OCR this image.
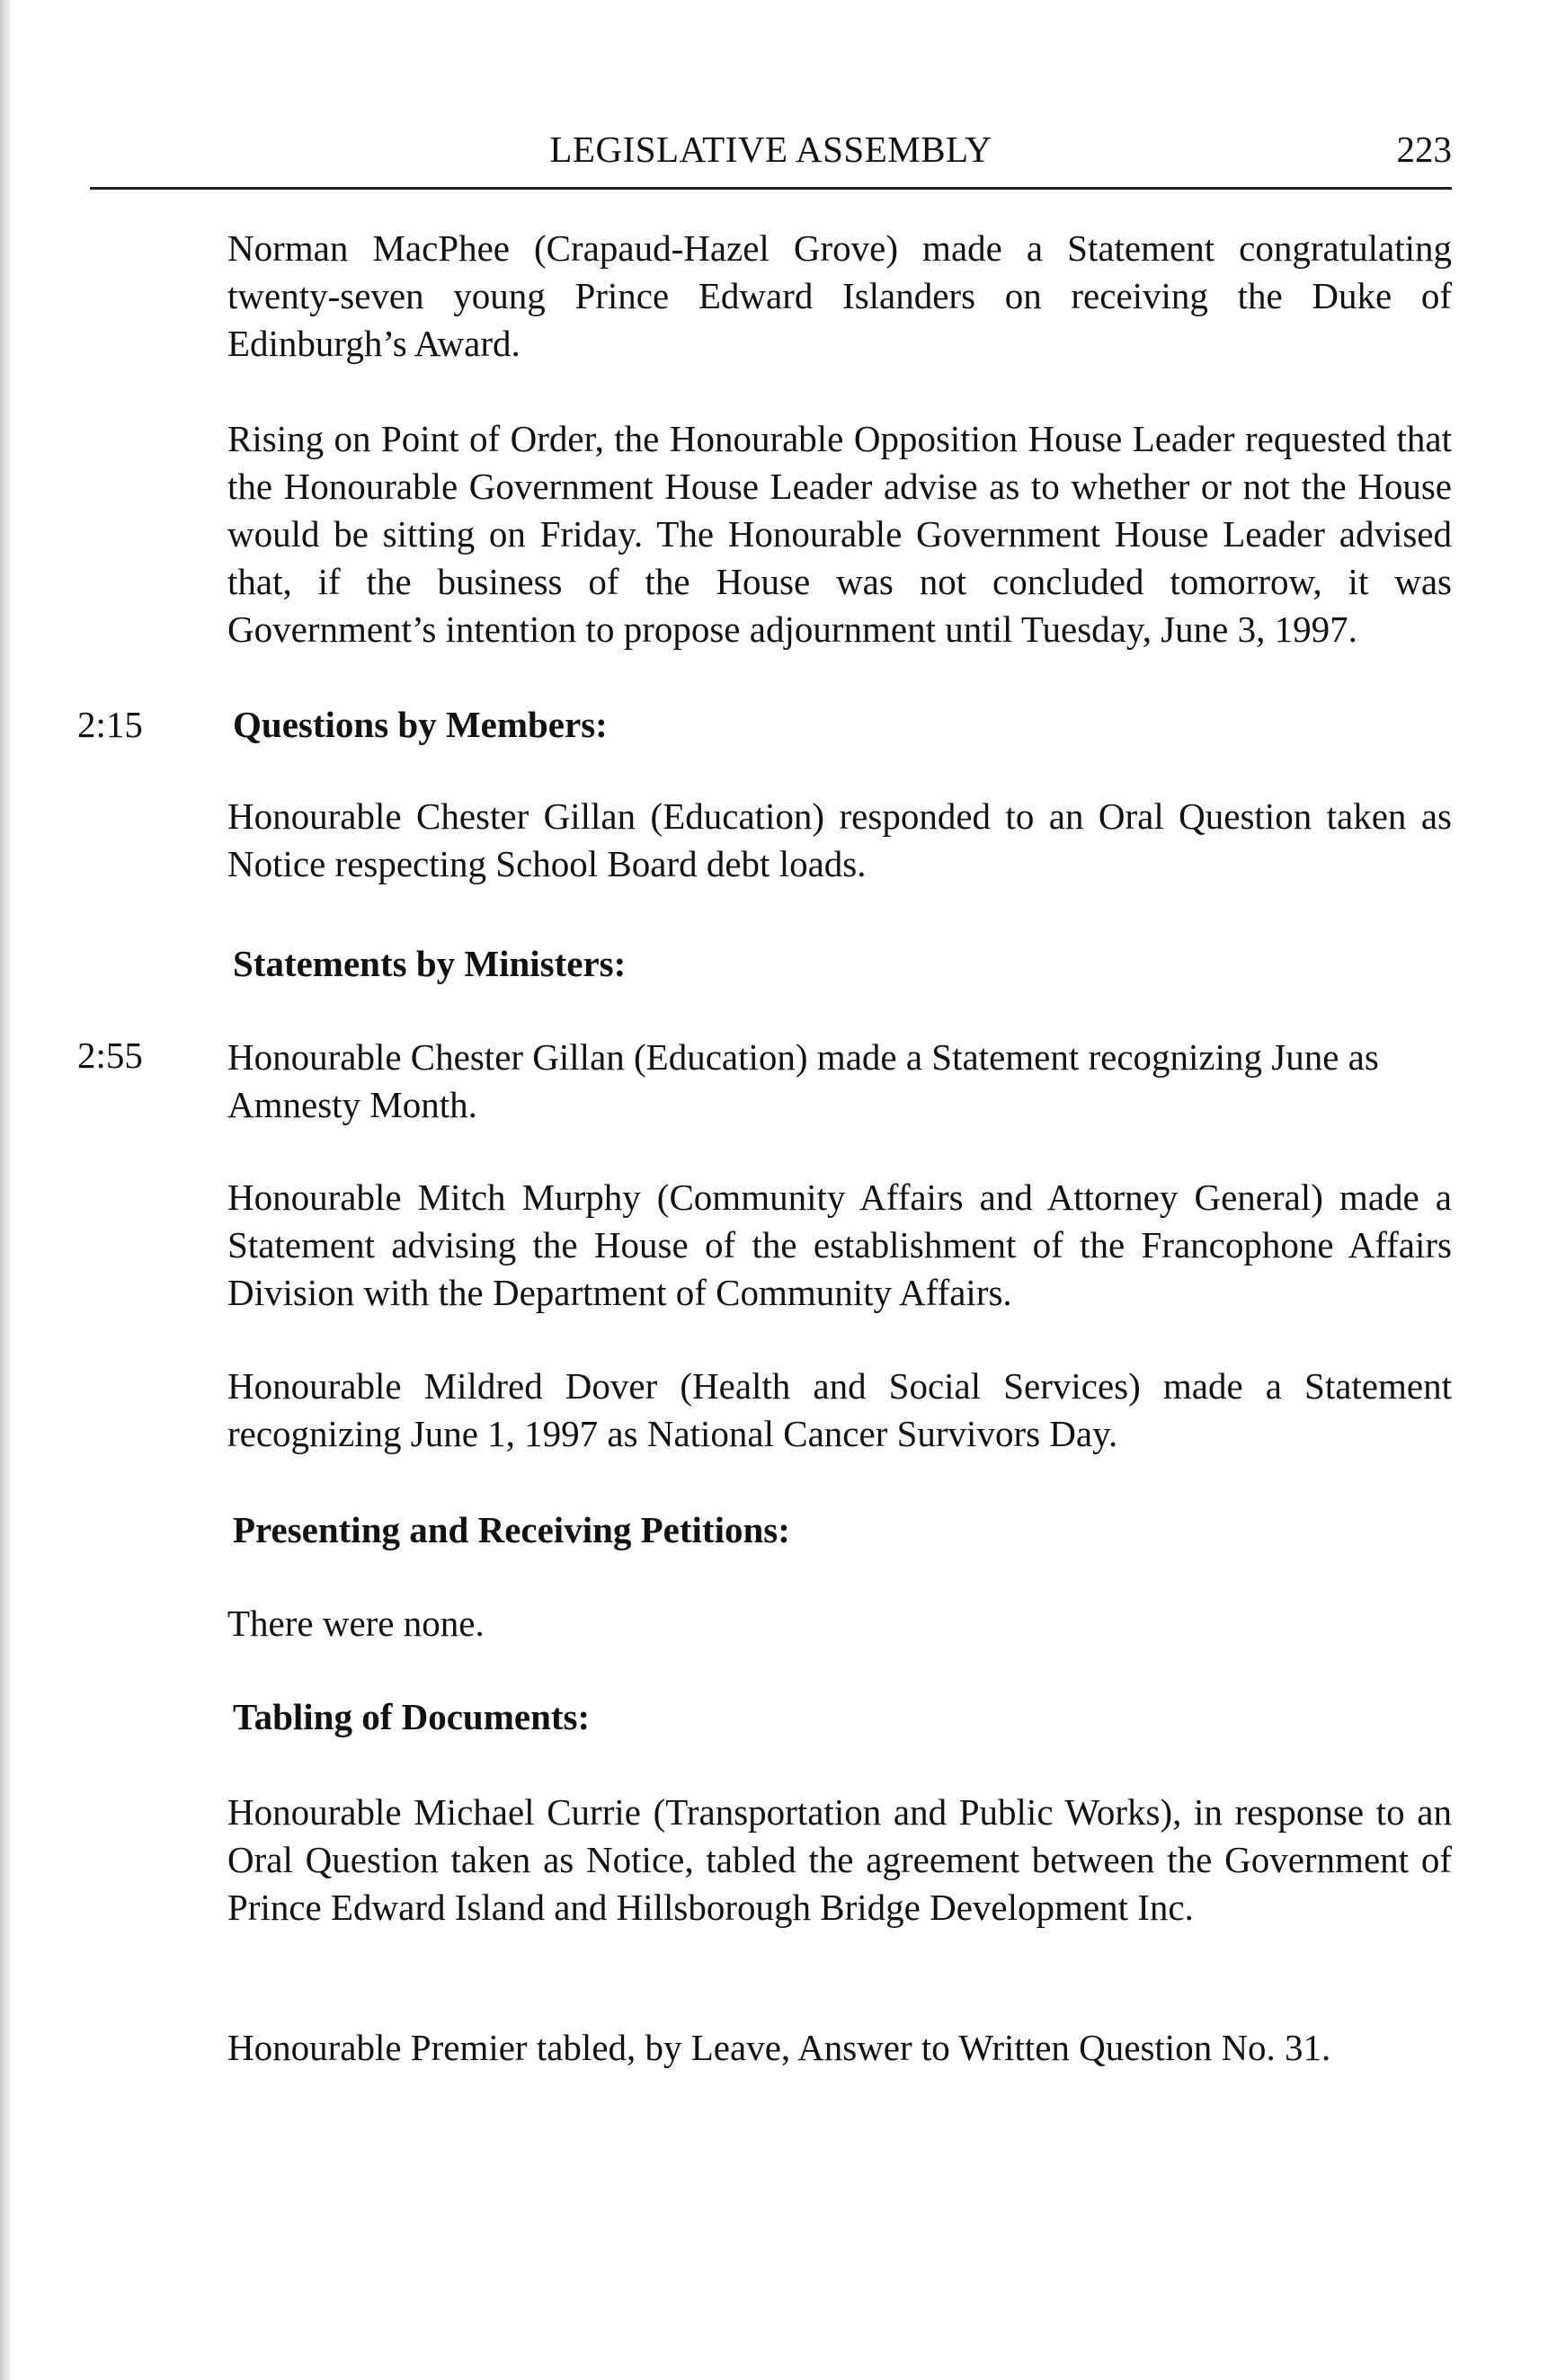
LEGISLATIVE ASSEMBLY	223
Norman MacPhee (Crapaud-Hazel Grove) made a Statement congratulating twenty-seven young Prince Edward Islanders on receiving the Duke of Edinburgh’s Award.
Rising on Point of Order, the Honourable Opposition House Leader requested that the Honourable Government House Leader advise as to whether or not the House would be sitting on Friday. The Honourable Government House Leader advised that, if the business of the House was not concluded tomorrow, it was Government’s intention to propose adjournment until Tuesday, June 3, 1997.
2:15 Questions by Members:
Honourable Chester Gillan (Education) responded to an Oral Question taken as Notice respecting School Board debt loads.
Statements by Ministers:
2:55 Honourable Chester Gillan (Education) made a Statement recognizing June as Amnesty Month.
Honourable Mitch Murphy (Community Affairs and Attorney General) made a Statement advising the House of the establishment of the Francophone Affairs Division with the Department of Community Affairs.
Honourable Mildred Dover (Health and Social Services) made a Statement recognizing June 1, 1997 as National Cancer Survivors Day.
Presenting and Receiving Petitions:
There were none.
Tabling of Documents:
Honourable Michael Currie (Transportation and Public Works), in response to an Oral Question taken as Notice, tabled the agreement between the Government of Prince Edward Island and Hillsborough Bridge Development Inc.
Honourable Premier tabled, by Leave, Answer to Written Question No. 31.
